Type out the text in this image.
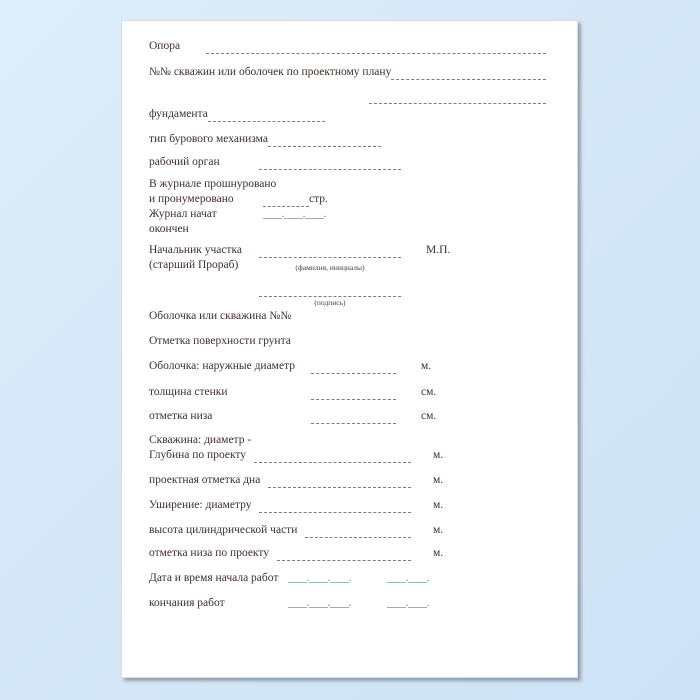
Опора
№№ скважин или оболочек по проектному плану
фундамента
тип бурового механизма
рабочий орган
В журнале прошнуровано
и пронумеровано	стр.
Журнал начат	____.____.____.
окончен
Начальник участка	М.П.
(старший Прораб)	(фамилия, инициалы)
(подпись)
Оболочка или скважина №№
Отметка поверхности грунта
Оболочка: наружные диаметр	м.
толщина стенки	см.
отметка низа	см.
Скважина: диаметр -
Глубина по проекту	м.
проектная отметка дна	м.
Уширение: диаметру	м.
высота цилиндрической части	м.
отметка низа по проекту	м.
Дата и время начала работ ____.____.____.	____.____.
кончания работ	____.____.____.	____.____.
